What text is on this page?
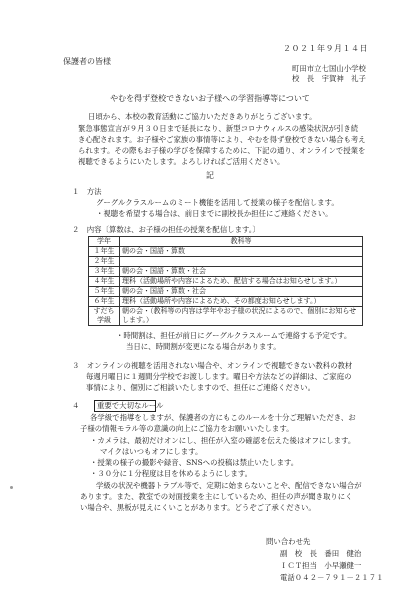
２０２１年９月１４日
保護者の皆様
町田市立七国山小学校
校　長　宇賀神　礼子
やむを得ず登校できないお子様への学習指導等について
日頃から、本校の教育活動にご協力いただきありがとうございます。
緊急事態宣言が９月３０日まで延長になり、新型コロナウィルスの感染状況が引き続
き心配されます。お子様やご家族の事情等により、やむを得ず登校できない場合も考え
られます。その際もお子様の学びを保障するために、下記の通り、オンラインで授業を
視聴できるようにいたします。よろしければご活用ください。
記
１　方法
グーグルクラスルームのミート機能を活用して授業の様子を配信します。
・視聴を希望する場合は、前日までに副校長か担任にご連絡ください。
２　内容〔算数は、お子様の担任の授業を配信します。〕
学年	教科等
１年生	朝の会・国語・算数
２年生	
３年生	朝の会・国語・算数・社会
４年生	理科（活動場所や内容によるため、配信する場合はお知らせします。）
５年生	朝の会・国語・算数・社会
６年生	理科（活動場所や内容によるため、その都度お知らせします。）
すだち学級	朝の会・（教科等の内容は学年やお子様の状況によるので、個別にお知らせします。）
・時間割は、担任が前日にグーグルクラスルームで連絡する予定です。
当日に、時間割が変更になる場合があります。
３　オンラインの視聴を活用されない場合や、オンラインで視聴できない教科の教材
毎週月曜日に１週間分学校でお渡しします。曜日や方法などの詳細は、ご家庭の
事情により、個別にご相談いたしますので、担任にご連絡ください。
４ 重要で大切なルール
各学級で指導をしますが、保護者の方にもこのルールを十分ご理解いただき、お
子様の情報モラル等の意識の向上にご協力をお願いいたします。
・カメラは、最初だけオンにし、担任が入室の確認を伝えた後はオフにします。
マイクはいつもオフにします。
・授業の様子の撮影や録音、SNSへの投稿は禁止いたします。
・３０分に１分程度は目を休めるようにします。
学級の状況や機器トラブル等で、定期に始まらないことや、配信できない場合が
あります。また、教室での対面授業を主にしているため、担任の声が聞き取りにく
い場合や、黒板が見えにくいことがあります。どうぞご了承ください。
問い合わせ先
副　校　長　番田　健治
ＩＣＴ担当　小早瀬健一
電話０４２－７９１－２１７１
